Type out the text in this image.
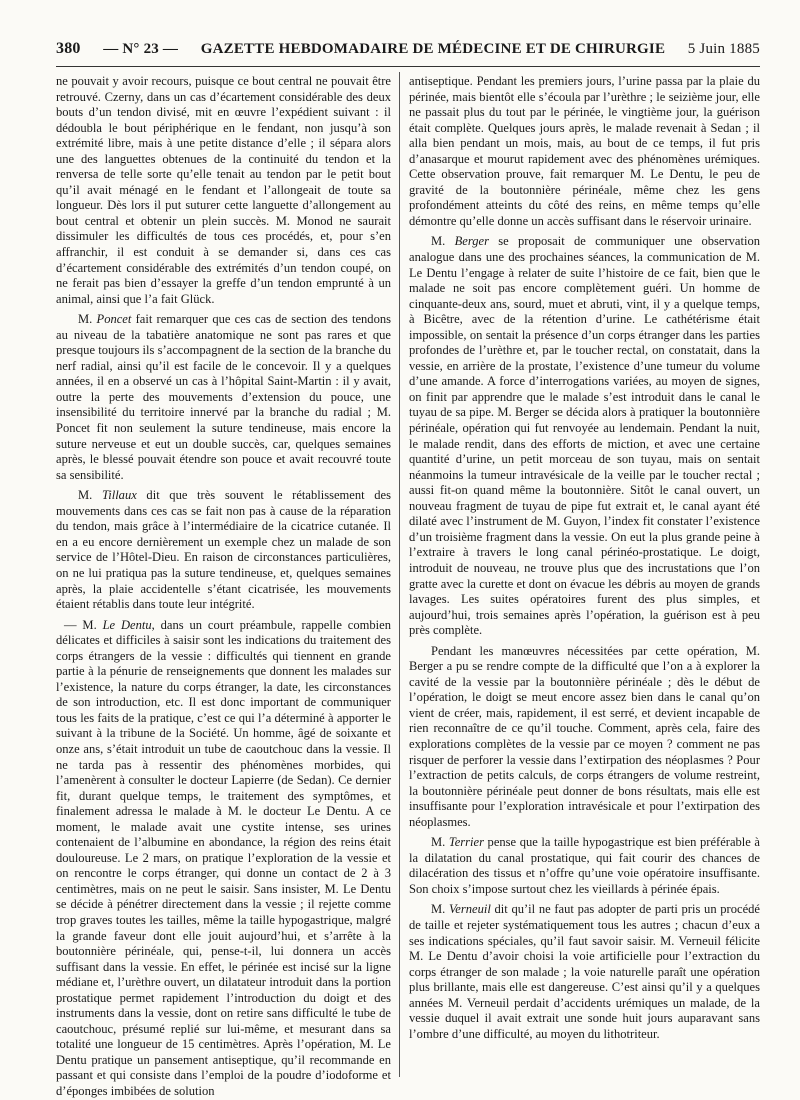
380 — N° 23 — GAZETTE HEBDOMADAIRE DE MÉDECINE ET DE CHIRURGIE 5 Juin 1885

ne pouvait y avoir recours, puisque ce bout central ne pouvait être retrouvé. Czerny, dans un cas d’écartement considérable des deux bouts d’un tendon divisé, mit en œuvre l’expédient suivant : il dédoubla le bout périphérique en le fendant, non jusqu’à son extrémité libre, mais à une petite distance d’elle ; il sépara alors une des languettes obtenues de la continuité du tendon et la renversa de telle sorte qu’elle tenait au tendon par le petit bout qu’il avait ménagé en le fendant et l’allongeait de toute sa longueur. Dès lors il put suturer cette languette d’allongement au bout central et obtenir un plein succès. M. Monod ne saurait dissimuler les difficultés de tous ces procédés, et, pour s’en affranchir, il est conduit à se demander si, dans ces cas d’écartement considérable des extrémités d’un tendon coupé, on ne ferait pas bien d’essayer la greffe d’un tendon emprunté à un animal, ainsi que l’a fait Glück.

M. Poncet fait remarquer que ces cas de section des tendons au niveau de la tabatière anatomique ne sont pas rares et que presque toujours ils s’accompagnent de la section de la branche du nerf radial, ainsi qu’il est facile de le concevoir. Il y a quelques années, il en a observé un cas à l’hôpital Saint-Martin : il y avait, outre la perte des mouvements d’extension du pouce, une insensibilité du territoire innervé par la branche du radial ; M. Poncet fit non seulement la suture tendineuse, mais encore la suture nerveuse et eut un double succès, car, quelques semaines après, le blessé pouvait étendre son pouce et avait recouvré toute sa sensibilité.

M. Tillaux dit que très souvent le rétablissement des mouvements dans ces cas se fait non pas à cause de la réparation du tendon, mais grâce à l’intermédiaire de la cicatrice cutanée. Il en a eu encore dernièrement un exemple chez un malade de son service de l’Hôtel-Dieu. En raison de circonstances particulières, on ne lui pratiqua pas la suture tendineuse, et, quelques semaines après, la plaie accidentelle s’étant cicatrisée, les mouvements étaient rétablis dans toute leur intégrité.

— M. Le Dentu, dans un court préambule, rappelle combien délicates et difficiles à saisir sont les indications du traitement des corps étrangers de la vessie : difficultés qui tiennent en grande partie à la pénurie de renseignements que donnent les malades sur l’existence, la nature du corps étranger, la date, les circonstances de son introduction, etc. Il est donc important de communiquer tous les faits de la pratique, c’est ce qui l’a déterminé à apporter le suivant à la tribune de la Société. Un homme, âgé de soixante et onze ans, s’était introduit un tube de caoutchouc dans la vessie. Il ne tarda pas à ressentir des phénomènes morbides, qui l’amenèrent à consulter le docteur Lapierre (de Sedan). Ce dernier fit, durant quelque temps, le traitement des symptômes, et finalement adressa le malade à M. le docteur Le Dentu. A ce moment, le malade avait une cystite intense, ses urines contenaient de l’albumine en abondance, la région des reins était douloureuse. Le 2 mars, on pratique l’exploration de la vessie et on rencontre le corps étranger, qui donne un contact de 2 à 3 centimètres, mais on ne peut le saisir. Sans insister, M. Le Dentu se décide à pénétrer directement dans la vessie ; il rejette comme trop graves toutes les tailles, même la taille hypogastrique, malgré la grande faveur dont elle jouit aujourd’hui, et s’arrête à la boutonnière périnéale, qui, pense-t-il, lui donnera un accès suffisant dans la vessie. En effet, le périnée est incisé sur la ligne médiane et, l’urèthre ouvert, un dilatateur introduit dans la portion prostatique permet rapidement l’introduction du doigt et des instruments dans la vessie, dont on retire sans difficulté le tube de caoutchouc, présumé replié sur lui-même, et mesurant dans sa totalité une longueur de 15 centimètres. Après l’opération, M. Le Dentu pratique un pansement antiseptique, qu’il recommande en passant et qui consiste dans l’emploi de la poudre d’iodoforme et d’éponges imbibées de solution

antiseptique. Pendant les premiers jours, l’urine passa par la plaie du périnée, mais bientôt elle s’écoula par l’urèthre ; le seizième jour, elle ne passait plus du tout par le périnée, le vingtième jour, la guérison était complète. Quelques jours après, le malade revenait à Sedan ; il alla bien pendant un mois, mais, au bout de ce temps, il fut pris d’anasarque et mourut rapidement avec des phénomènes urémiques. Cette observation prouve, fait remarquer M. Le Dentu, le peu de gravité de la boutonnière périnéale, même chez les gens profondément atteints du côté des reins, en même temps qu’elle démontre qu’elle donne un accès suffisant dans le réservoir urinaire.

M. Berger se proposait de communiquer une observation analogue dans une des prochaines séances, la communication de M. Le Dentu l’engage à relater de suite l’histoire de ce fait, bien que le malade ne soit pas encore complètement guéri. Un homme de cinquante-deux ans, sourd, muet et abruti, vint, il y a quelque temps, à Bicêtre, avec de la rétention d’urine. Le cathétérisme était impossible, on sentait la présence d’un corps étranger dans les parties profondes de l’urèthre et, par le toucher rectal, on constatait, dans la vessie, en arrière de la prostate, l’existence d’une tumeur du volume d’une amande. A force d’interrogations variées, au moyen de signes, on finit par apprendre que le malade s’est introduit dans le canal le tuyau de sa pipe. M. Berger se décida alors à pratiquer la boutonnière périnéale, opération qui fut renvoyée au lendemain. Pendant la nuit, le malade rendit, dans des efforts de miction, et avec une certaine quantité d’urine, un petit morceau de son tuyau, mais on sentait néanmoins la tumeur intravésicale de la veille par le toucher rectal ; aussi fit-on quand même la boutonnière. Sitôt le canal ouvert, un nouveau fragment de tuyau de pipe fut extrait et, le canal ayant été dilaté avec l’instrument de M. Guyon, l’index fit constater l’existence d’un troisième fragment dans la vessie. On eut la plus grande peine à l’extraire à travers le long canal périnéo-prostatique. Le doigt, introduit de nouveau, ne trouve plus que des incrustations que l’on gratte avec la curette et dont on évacue les débris au moyen de grands lavages. Les suites opératoires furent des plus simples, et aujourd’hui, trois semaines après l’opération, la guérison est à peu près complète.

Pendant les manœuvres nécessitées par cette opération, M. Berger a pu se rendre compte de la difficulté que l’on a à explorer la cavité de la vessie par la boutonnière périnéale ; dès le début de l’opération, le doigt se meut encore assez bien dans le canal qu’on vient de créer, mais, rapidement, il est serré, et devient incapable de rien reconnaître de ce qu’il touche. Comment, après cela, faire des explorations complètes de la vessie par ce moyen ? comment ne pas risquer de perforer la vessie dans l’extirpation des néoplasmes ? Pour l’extraction de petits calculs, de corps étrangers de volume restreint, la boutonnière périnéale peut donner de bons résultats, mais elle est insuffisante pour l’exploration intravésicale et pour l’extirpation des néoplasmes.

M. Terrier pense que la taille hypogastrique est bien préférable à la dilatation du canal prostatique, qui fait courir des chances de dilacération des tissus et n’offre qu’une voie opératoire insuffisante. Son choix s’impose surtout chez les vieillards à périnée épais.

M. Verneuil dit qu’il ne faut pas adopter de parti pris un procédé de taille et rejeter systématiquement tous les autres ; chacun d’eux a ses indications spéciales, qu’il faut savoir saisir. M. Verneuil félicite M. Le Dentu d’avoir choisi la voie artificielle pour l’extraction du corps étranger de son malade ; la voie naturelle paraît une opération plus brillante, mais elle est dangereuse. C’est ainsi qu’il y a quelques années M. Verneuil perdait d’accidents urémiques un malade, de la vessie duquel il avait extrait une sonde huit jours auparavant sans l’ombre d’une difficulté, au moyen du lithotriteur.
